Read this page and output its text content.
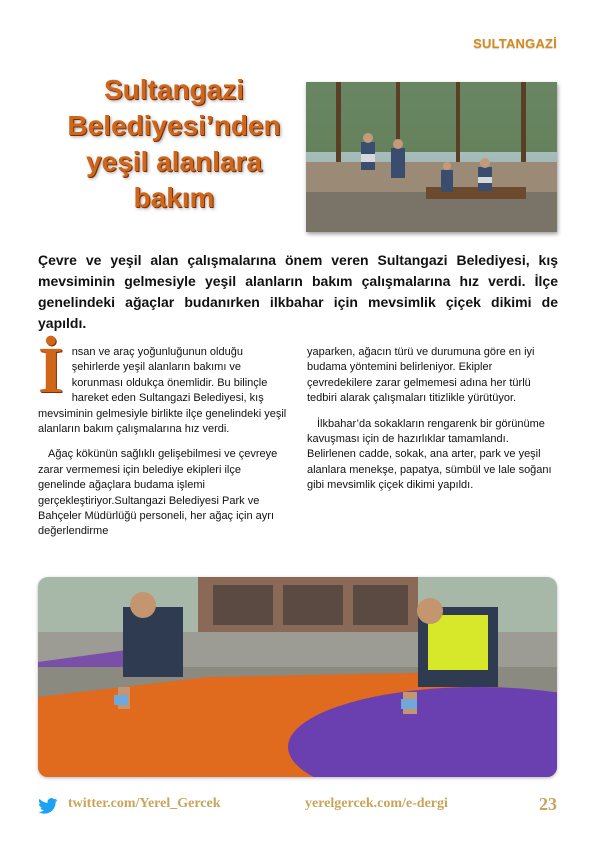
SULTANGAZİ
Sultangazi
Belediyesi’nden
yeşil alanlara
bakım
Çevre ve yeşil alan çalışmalarına önem veren Sultangazi Belediyesi, kış mevsiminin gelmesiyle yeşil alanların bakım çalışmalarına hız verdi. İlçe genelindeki ağaçlar budanırken ilkbahar için mevsimlik çiçek dikimi de yapıldı.

İnsan ve araç yoğunluğunun olduğu şehirlerde yeşil alanların bakımı ve korunması oldukça önemlidir. Bu bilinçle hareket eden Sultangazi Belediyesi, kış mevsiminin gelmesiyle birlikte ilçe genelindeki yeşil alanların bakım çalışmalarına hız verdi.

Ağaç kökünün sağlıklı gelişebilmesi ve çevreye zarar vermemesi için belediye ekipleri ilçe genelinde ağaçlara budama işlemi gerçekleştiriyor.Sultangazi Belediyesi Park ve Bahçeler Müdürlüğü personeli, her ağaç için ayrı değerlendirme

yaparken, ağacın türü ve durumuna göre en iyi budama yöntemini belirleniyor. Ekipler çevredekilere zarar gelmemesi adına her türlü tedbiri alarak çalışmaları titizlikle yürütüyor.

İlkbahar’da sokakların rengarenk bir görünüme kavuşması için de hazırlıklar tamamlandı. Belirlenen cadde, sokak, ana arter, park ve yeşil alanlara menekşe, papatya, sümbül ve lale soğanı gibi mevsimlik çiçek dikimi yapıldı.

twitter.com/Yerel_Gercek	yerelgercek.com/e-dergi	23
